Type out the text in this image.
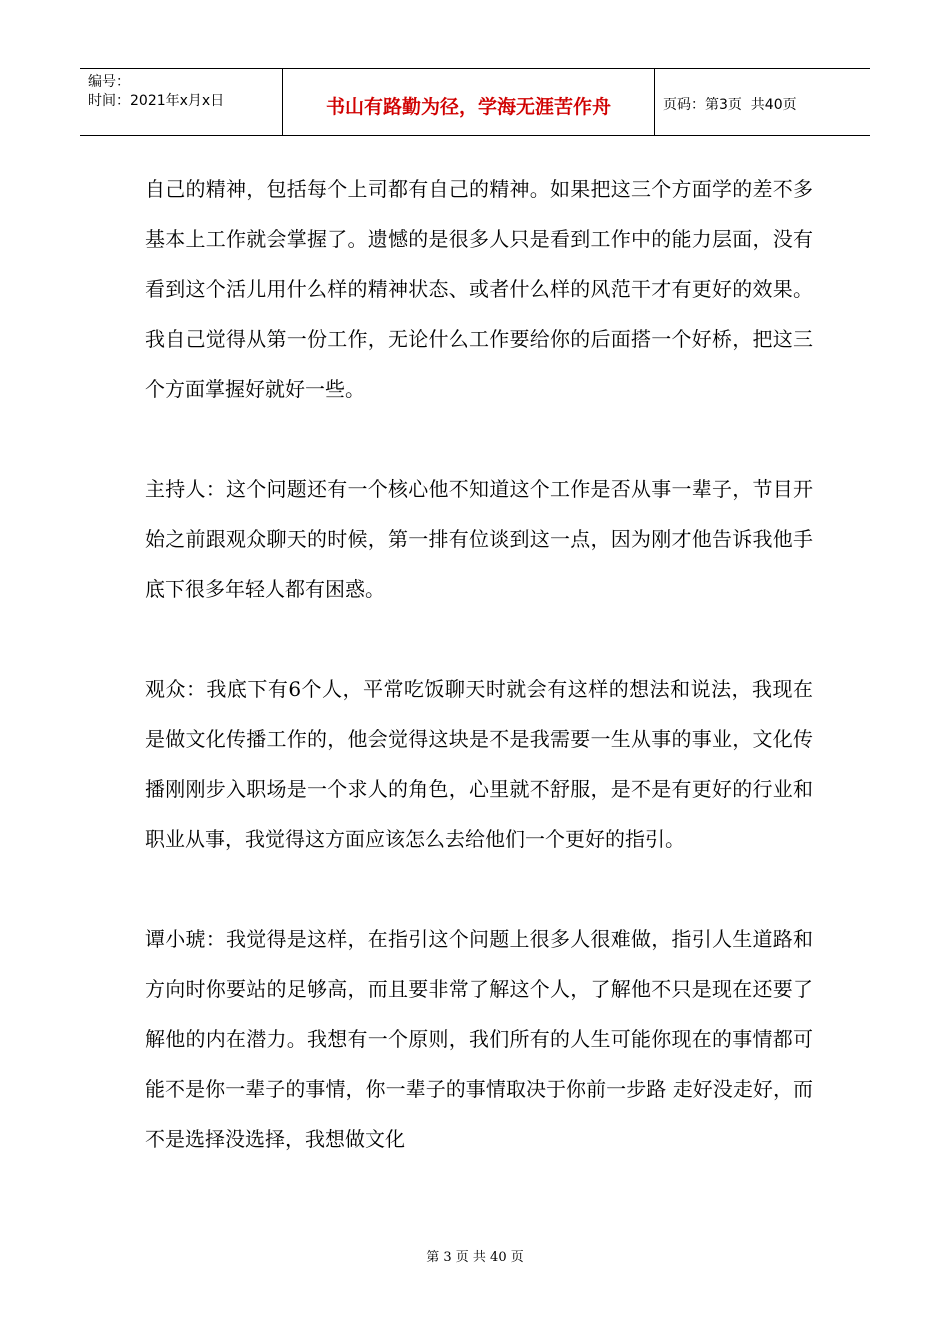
编号：
时间：2021年x月x日	书山有路勤为径，学海无涯苦作舟	页码：第3页  共40页

自己的精神，包括每个上司都有自己的精神。如果把这三个方面学的差不多基本上工作就会掌握了。遗憾的是很多人只是看到工作中的能力层面，没有看到这个活儿用什么样的精神状态、或者什么样的风范干才有更好的效果。我自己觉得从第一份工作，无论什么工作要给你的后面搭一个好桥，把这三个方面掌握好就好一些。

主持人：这个问题还有一个核心他不知道这个工作是否从事一辈子，节目开始之前跟观众聊天的时候，第一排有位谈到这一点，因为刚才他告诉我他手底下很多年轻人都有困惑。

观众：我底下有6个人，平常吃饭聊天时就会有这样的想法和说法，我现在是做文化传播工作的，他会觉得这块是不是我需要一生从事的事业，文化传播刚刚步入职场是一个求人的角色，心里就不舒服，是不是有更好的行业和职业从事，我觉得这方面应该怎么去给他们一个更好的指引。

谭小琥：我觉得是这样，在指引这个问题上很多人很难做，指引人生道路和方向时你要站的足够高，而且要非常了解这个人，了解他不只是现在还要了解他的内在潜力。我想有一个原则，我们所有的人生可能你现在的事情都可能不是你一辈子的事情，你一辈子的事情取决于你前一步路 走好没走好，而不是选择没选择，我想做文化

第 3 页 共 40 页
